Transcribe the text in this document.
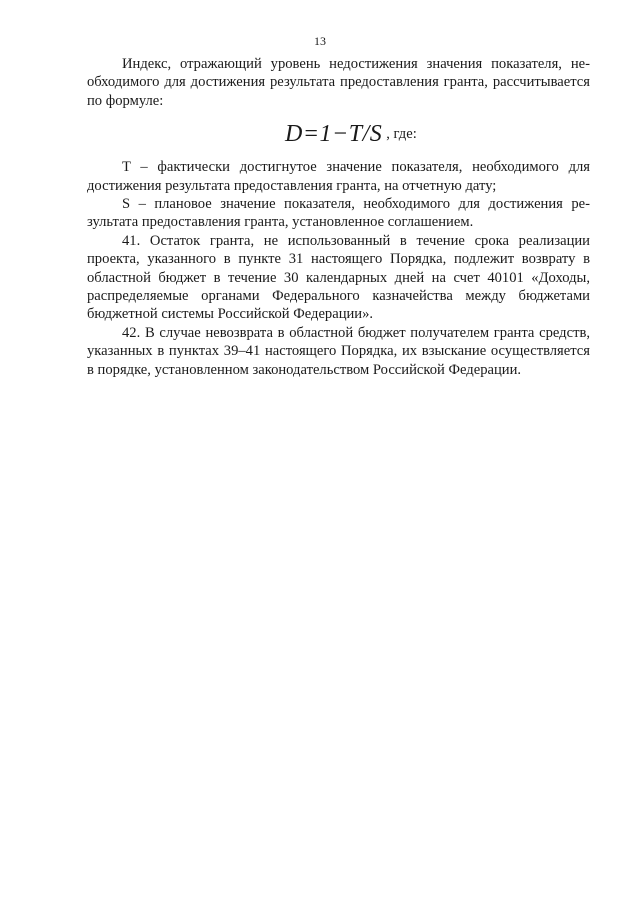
13

Индекс, отражающий уровень недостижения значения показателя, необходимого для достижения результата предоставления гранта, рассчитывается по формуле:

D=1−T/S , где:

T – фактически достигнутое значение показателя, необходимого для достижения результата предоставления гранта, на отчетную дату;

S – плановое значение показателя, необходимого для достижения результата предоставления гранта, установленное соглашением.

41. Остаток гранта, не использованный в течение срока реализации проекта, указанного в пункте 31 настоящего Порядка, подлежит возврату в областной бюджет в течение 30 календарных дней на счет 40101 «Доходы, распределяемые органами Федерального казначейства между бюджетами бюджетной системы Российской Федерации».

42. В случае невозврата в областной бюджет получателем гранта средств, указанных в пунктах 39–41 настоящего Порядка, их взыскание осуществляется в порядке, установленном законодательством Российской Федерации.
